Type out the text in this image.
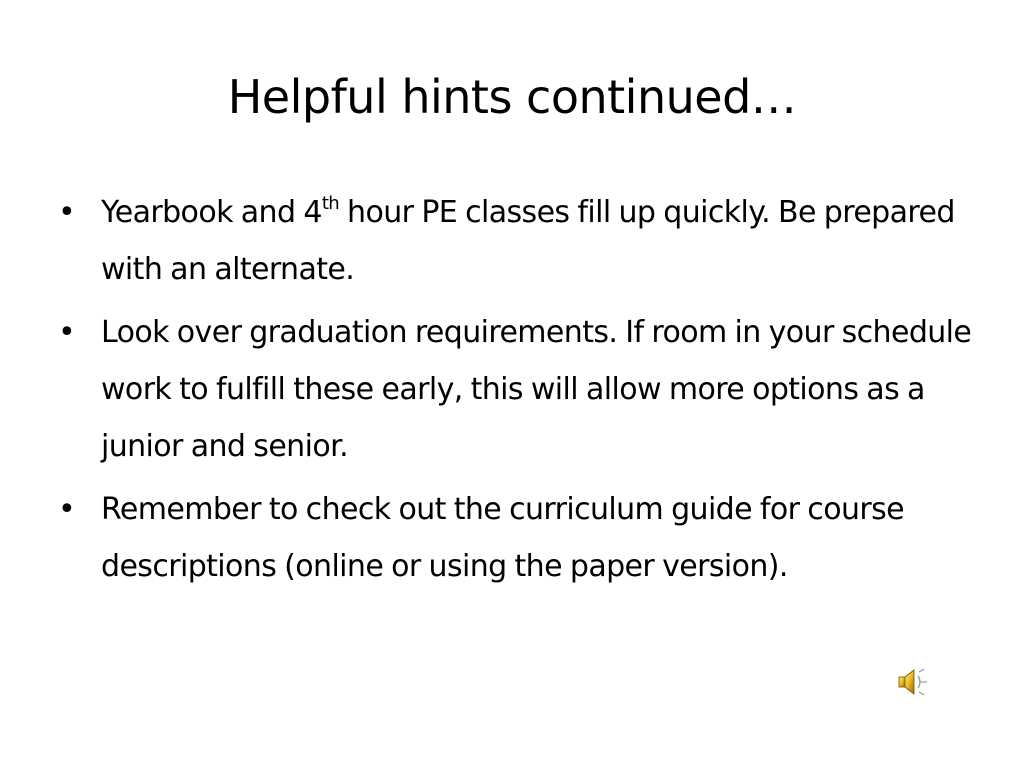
Helpful hints continued…
• Yearbook and 4th hour PE classes fill up quickly. Be prepared with an alternate.
• Look over graduation requirements. If room in your schedule work to fulfill these early, this will allow more options as a junior and senior.
• Remember to check out the curriculum guide for course descriptions (online or using the paper version).
